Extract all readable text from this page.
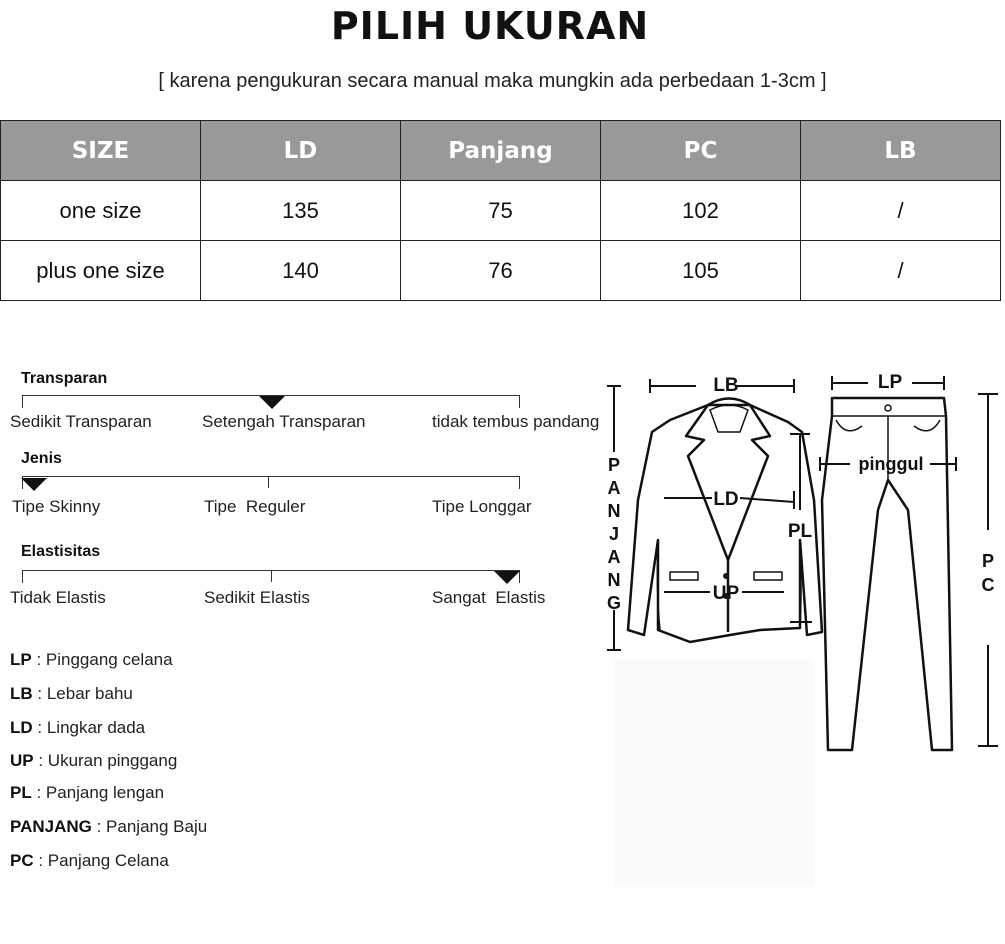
PILIH UKURAN
[ karena pengukuran secara manual maka mungkin ada perbedaan 1-3cm ]
SIZE	LD	Panjang	PC	LB
one size	135	75	102	/
plus one size	140	76	105	/
Transparan
Sedikit Transparan	Setengah Transparan	tidak tembus pandang
Jenis
Tipe Skinny	Tipe  Reguler	Tipe Longgar
Elastisitas
Tidak Elastis	Sedikit Elastis	Sangat  Elastis
LP : Pinggang celana
LB : Lebar bahu
LD : Lingkar dada
UP : Ukuran pinggang
PL : Panjang lengan
PANJANG : Panjang Baju
PC : Panjang Celana
LB
LD
UP
PL
LP
pinggul
P
A
N
J
A
N
G
P
C
